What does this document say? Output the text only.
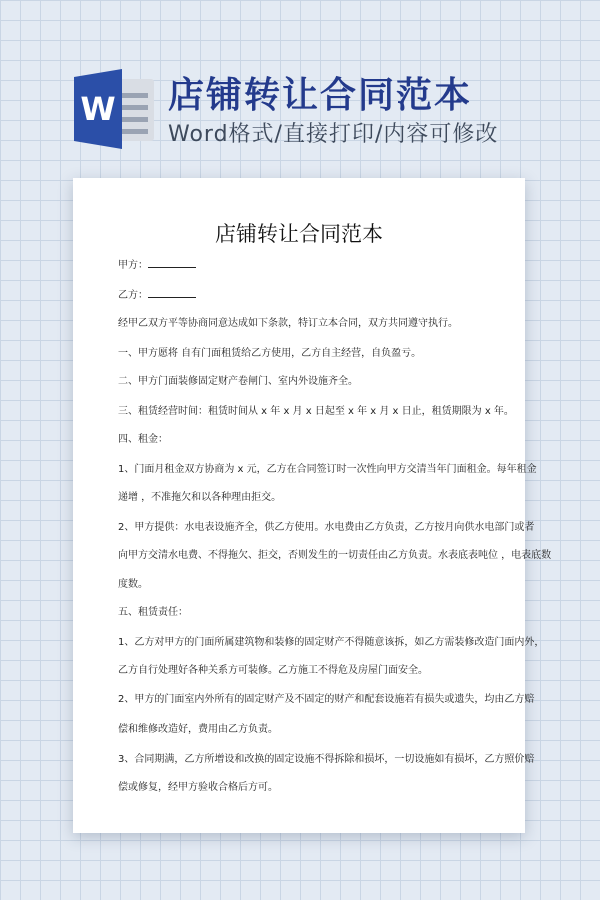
W 店铺转让合同范本
Word格式/直接打印/内容可修改
店铺转让合同范本
甲方：
乙方：
经甲乙双方平等协商同意达成如下条款，特订立本合同，双方共同遵守执行。
一、甲方愿将 自有门面租赁给乙方使用，乙方自主经营，自负盈亏。
二、甲方门面装修固定财产卷闸门、室内外设施齐全。
三、租赁经营时间：租赁时间从 x 年 x 月 x 日起至 x 年 x 月 x 日止，租赁期限为 x 年。
四、租金：
1、门面月租金双方协商为 x 元，乙方在合同签订时一次性向甲方交清当年门面租金。每年租金
递增 ，不准拖欠和以各种理由拒交。
2、甲方提供：水电表设施齐全，供乙方使用。水电费由乙方负责，乙方按月向供水电部门或者
向甲方交清水电费、不得拖欠、拒交，否则发生的一切责任由乙方负责。水表底表吨位 ，电表底数
度数。
五、租赁责任：
1、乙方对甲方的门面所属建筑物和装修的固定财产不得随意该拆，如乙方需装修改造门面内外，
乙方自行处理好各种关系方可装修。乙方施工不得危及房屋门面安全。
2、甲方的门面室内外所有的固定财产及不固定的财产和配套设施若有损失或遗失，均由乙方赔
偿和维修改造好，费用由乙方负责。
3、合同期满，乙方所增设和改换的固定设施不得拆除和损坏，一切设施如有损坏，乙方照价赔
偿或修复，经甲方验收合格后方可。
